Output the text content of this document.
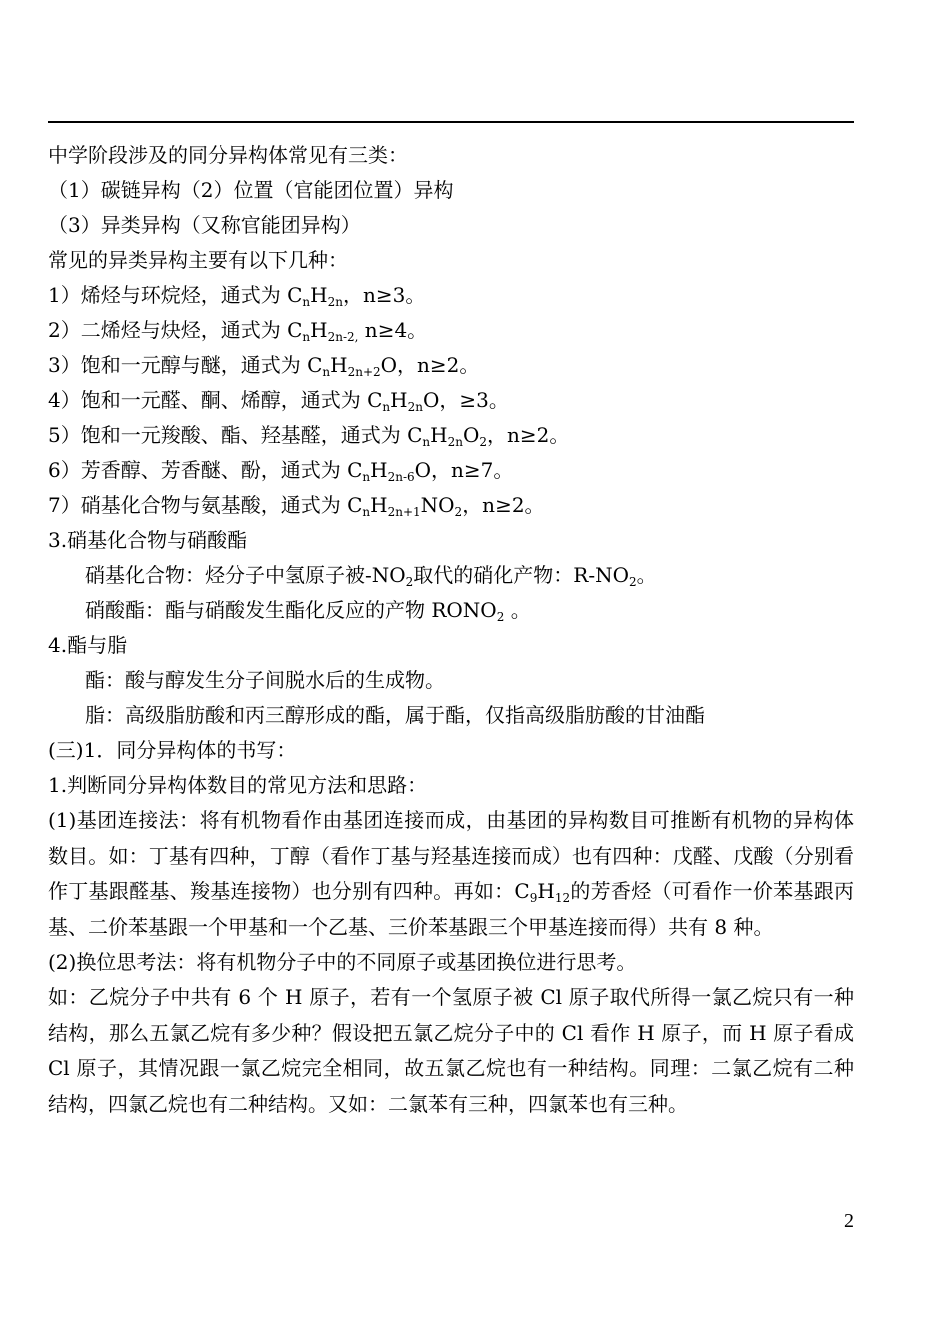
中学阶段涉及的同分异构体常见有三类：
（1）碳链异构（2）位置（官能团位置）异构
（3）异类异构（又称官能团异构）
常见的异类异构主要有以下几种：
1）烯烃与环烷烃，通式为 $C_nH_{2n}$，n≥3。
2）二烯烃与炔烃，通式为 $C_nH_{2n-2,}$ n≥4。
3）饱和一元醇与醚，通式为 $C_nH_{2n+2}O$，n≥2。
4）饱和一元醛、酮、烯醇，通式为 $C_nH_{2n}O$，≥3。
5）饱和一元羧酸、酯、羟基醛，通式为 $C_nH_{2n}O_2$，n≥2。
6）芳香醇、芳香醚、酚，通式为 $C_nH_{2n-6}O$，n≥7。
7）硝基化合物与氨基酸，通式为 $C_nH_{2n+1}NO_2$，n≥2。
3.硝基化合物与硝酸酯
硝基化合物：烃分子中氢原子被$-NO_2$取代的硝化产物：$R-NO_2$。
硝酸酯：酯与硝酸发生酯化反应的产物 $RONO_2$ 。
4.酯与脂
酯：酸与醇发生分子间脱水后的生成物。
脂：高级脂肪酸和丙三醇形成的酯，属于酯，仅指高级脂肪酸的甘油酯
(三)1．同分异构体的书写：
1.判断同分异构体数目的常见方法和思路：

(1)基团连接法：将有机物看作由基团连接而成，由基团的异构数目可推断有机物的异构体数目。如：丁基有四种，丁醇（看作丁基与羟基连接而成）也有四种：戊醛、戊酸（分别看作丁基跟醛基、羧基连接物）也分别有四种。再如：$C_9H_{12}$的芳香烃（可看作一价苯基跟丙基、二价苯基跟一个甲基和一个乙基、三价苯基跟三个甲基连接而得）共有 8 种。

(2)换位思考法：将有机物分子中的不同原子或基团换位进行思考。

如：乙烷分子中共有 6 个 H 原子，若有一个氢原子被 Cl 原子取代所得一氯乙烷只有一种结构，那么五氯乙烷有多少种？假设把五氯乙烷分子中的 Cl 看作 H 原子，而 H 原子看成 Cl 原子，其情况跟一氯乙烷完全相同，故五氯乙烷也有一种结构。同理：二氯乙烷有二种结构，四氯乙烷也有二种结构。又如：二氯苯有三种，四氯苯也有三种。

2
